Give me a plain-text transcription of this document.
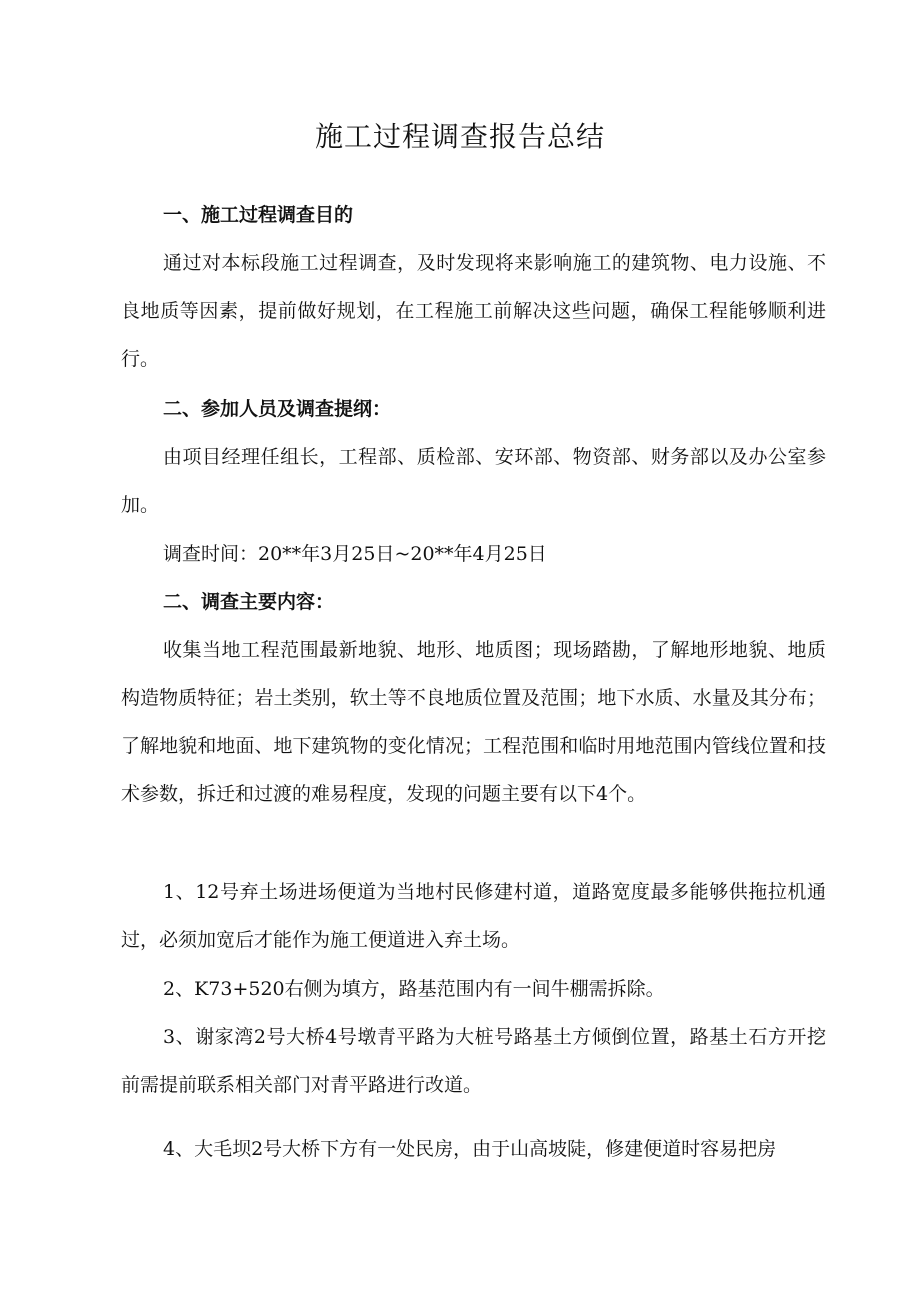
施工过程调查报告总结
一、施工过程调查目的
通过对本标段施工过程调查，及时发现将来影响施工的建筑物、电力设施、不良地质等因素，提前做好规划，在工程施工前解决这些问题，确保工程能够顺利进行。
二、参加人员及调查提纲：
由项目经理任组长，工程部、质检部、安环部、物资部、财务部以及办公室参加。
调查时间：20**年3月25日~20**年4月25日
二、调查主要内容：
收集当地工程范围最新地貌、地形、地质图；现场踏勘，了解地形地貌、地质构造物质特征；岩土类别，软土等不良地质位置及范围；地下水质、水量及其分布；了解地貌和地面、地下建筑物的变化情况；工程范围和临时用地范围内管线位置和技术参数，拆迁和过渡的难易程度，发现的问题主要有以下4个。
1、12号弃土场进场便道为当地村民修建村道，道路宽度最多能够供拖拉机通过，必须加宽后才能作为施工便道进入弃土场。
2、K73+520右侧为填方，路基范围内有一间牛棚需拆除。
3、谢家湾2号大桥4号墩青平路为大桩号路基土方倾倒位置，路基土石方开挖前需提前联系相关部门对青平路进行改道。
4、大毛坝2号大桥下方有一处民房，由于山高坡陡，修建便道时容易把房
